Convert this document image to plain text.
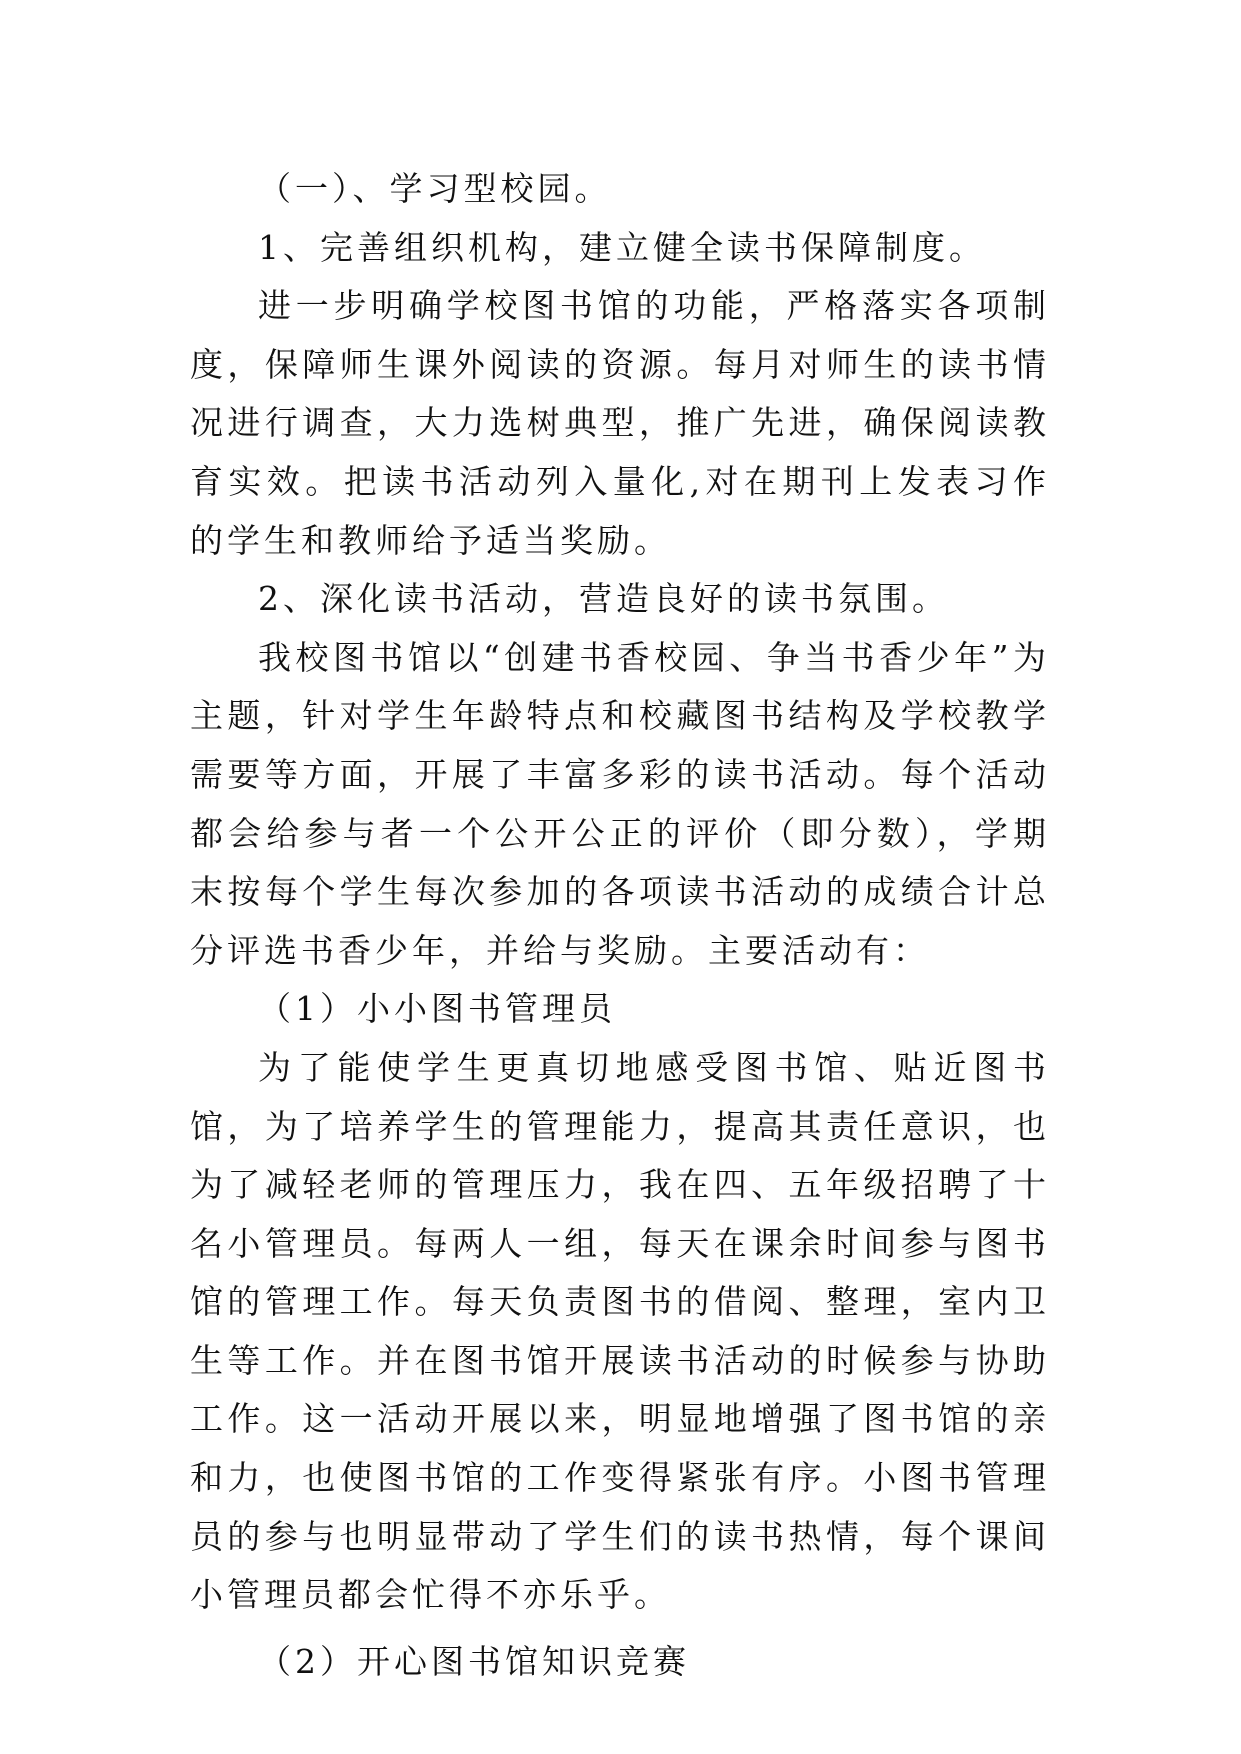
（一）、学习型校园。

1、完善组织机构，建立健全读书保障制度。

进一步明确学校图书馆的功能，严格落实各项制度，保障师生课外阅读的资源。每月对师生的读书情况进行调查，大力选树典型，推广先进，确保阅读教育实效。把读书活动列入量化,对在期刊上发表习作的学生和教师给予适当奖励。

2、深化读书活动，营造良好的读书氛围。

我校图书馆以“创建书香校园、争当书香少年”为主题，针对学生年龄特点和校藏图书结构及学校教学需要等方面，开展了丰富多彩的读书活动。每个活动都会给参与者一个公开公正的评价（即分数），学期末按每个学生每次参加的各项读书活动的成绩合计总分评选书香少年，并给与奖励。主要活动有：

（1）小小图书管理员

为了能使学生更真切地感受图书馆、贴近图书馆，为了培养学生的管理能力，提高其责任意识，也为了减轻老师的管理压力，我在四、五年级招聘了十名小管理员。每两人一组，每天在课余时间参与图书馆的管理工作。每天负责图书的借阅、整理，室内卫生等工作。并在图书馆开展读书活动的时候参与协助工作。这一活动开展以来，明显地增强了图书馆的亲和力，也使图书馆的工作变得紧张有序。小图书管理员的参与也明显带动了学生们的读书热情，每个课间小管理员都会忙得不亦乐乎。

（2）开心图书馆知识竞赛
